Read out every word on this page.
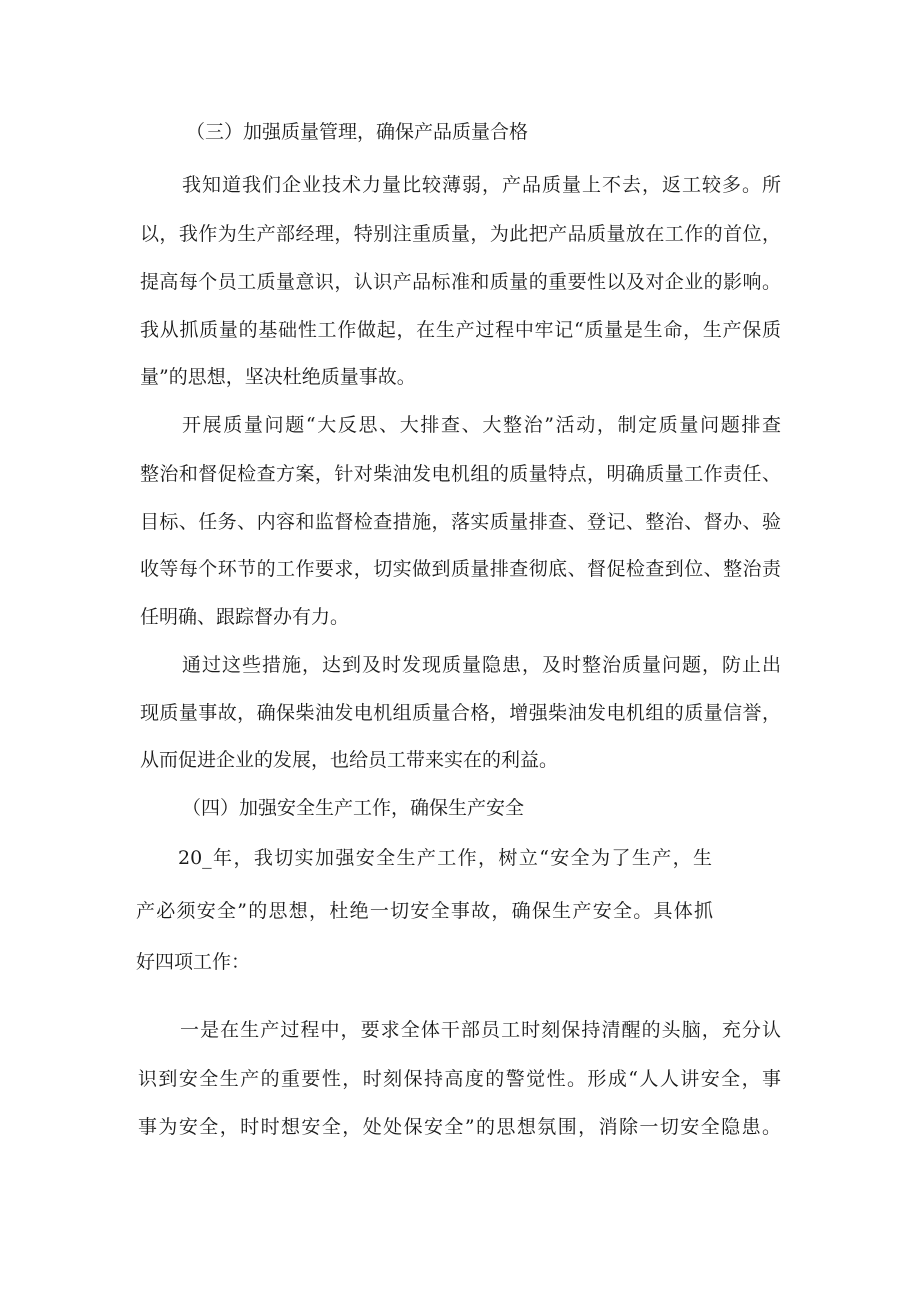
（三）加强质量管理，确保产品质量合格

我知道我们企业技术力量比较薄弱，产品质量上不去，返工较多。所

以，我作为生产部经理，特别注重质量，为此把产品质量放在工作的首位，

提高每个员工质量意识，认识产品标准和质量的重要性以及对企业的影响。

我从抓质量的基础性工作做起，在生产过程中牢记“质量是生命，生产保质

量”的思想，坚决杜绝质量事故。

开展质量问题“大反思、大排查、大整治”活动，制定质量问题排查

整治和督促检查方案，针对柴油发电机组的质量特点，明确质量工作责任、

目标、任务、内容和监督检查措施，落实质量排查、登记、整治、督办、验

收等每个环节的工作要求，切实做到质量排查彻底、督促检查到位、整治责

任明确、跟踪督办有力。

通过这些措施，达到及时发现质量隐患，及时整治质量问题，防止出

现质量事故，确保柴油发电机组质量合格，增强柴油发电机组的质量信誉，

从而促进企业的发展，也给员工带来实在的利益。

（四）加强安全生产工作，确保生产安全

20_年，我切实加强安全生产工作，树立“安全为了生产，生

产必须安全”的思想，杜绝一切安全事故，确保生产安全。具体抓

好四项工作：

一是在生产过程中，要求全体干部员工时刻保持清醒的头脑，充分认

识到安全生产的重要性，时刻保持高度的警觉性。形成“人人讲安全，事

事为安全，时时想安全，处处保安全”的思想氛围，消除一切安全隐患。
